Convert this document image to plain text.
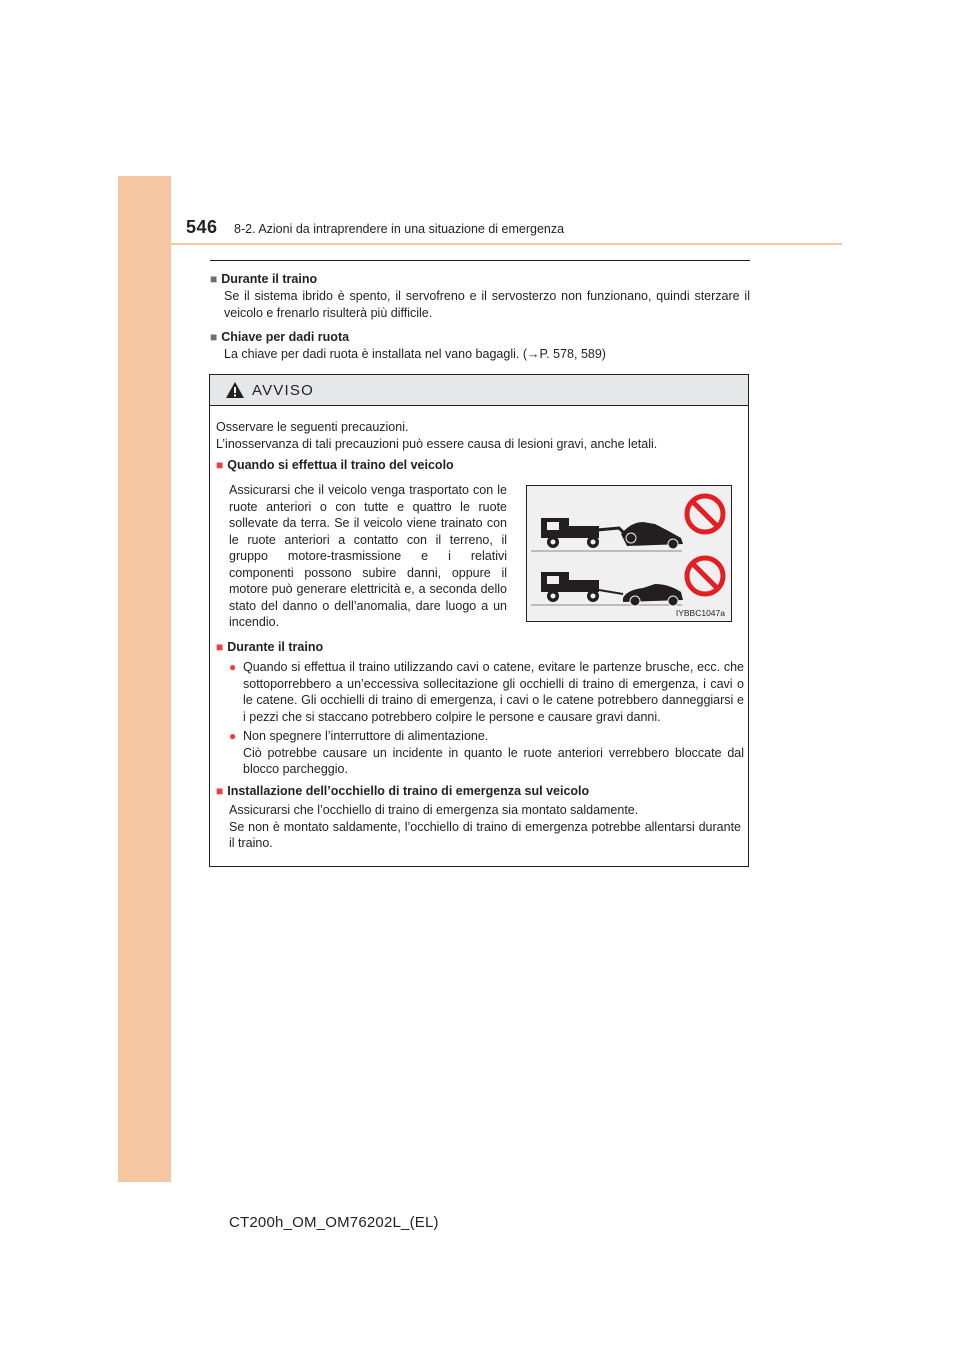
546 8-2. Azioni da intraprendere in una situazione di emergenza
■ Durante il traino
Se il sistema ibrido è spento, il servofreno e il servosterzo non funzionano, quindi sterzare il veicolo e frenarlo risulterà più difficile.
■ Chiave per dadi ruota
La chiave per dadi ruota è installata nel vano bagagli. (→P. 578, 589)
AVVISO
Osservare le seguenti precauzioni.
L’inosservanza di tali precauzioni può essere causa di lesioni gravi, anche letali.
■ Quando si effettua il traino del veicolo
Assicurarsi che il veicolo venga trasportato con le ruote anteriori o con tutte e quattro le ruote sollevate da terra. Se il veicolo viene trainato con le ruote anteriori a contatto con il terreno, il gruppo motore-trasmissione e i relativi componenti possono subire danni, oppure il motore può generare elettricità e, a seconda dello stato del danno o dell’anomalia, dare luogo a un incendio.
IYBBC1047a
■ Durante il traino
● Quando si effettua il traino utilizzando cavi o catene, evitare le partenze brusche, ecc. che sottoporrebbero a un’eccessiva sollecitazione gli occhielli di traino di emergenza, i cavi o le catene. Gli occhielli di traino di emergenza, i cavi o le catene potrebbero danneggiarsi e i pezzi che si staccano potrebbero colpire le persone e causare gravi danni.
● Non spegnere l’interruttore di alimentazione.
Ciò potrebbe causare un incidente in quanto le ruote anteriori verrebbero bloccate dal blocco parcheggio.
■ Installazione dell’occhiello di traino di emergenza sul veicolo
Assicurarsi che l’occhiello di traino di emergenza sia montato saldamente.
Se non è montato saldamente, l’occhiello di traino di emergenza potrebbe allentarsi durante il traino.
CT200h_OM_OM76202L_(EL)
